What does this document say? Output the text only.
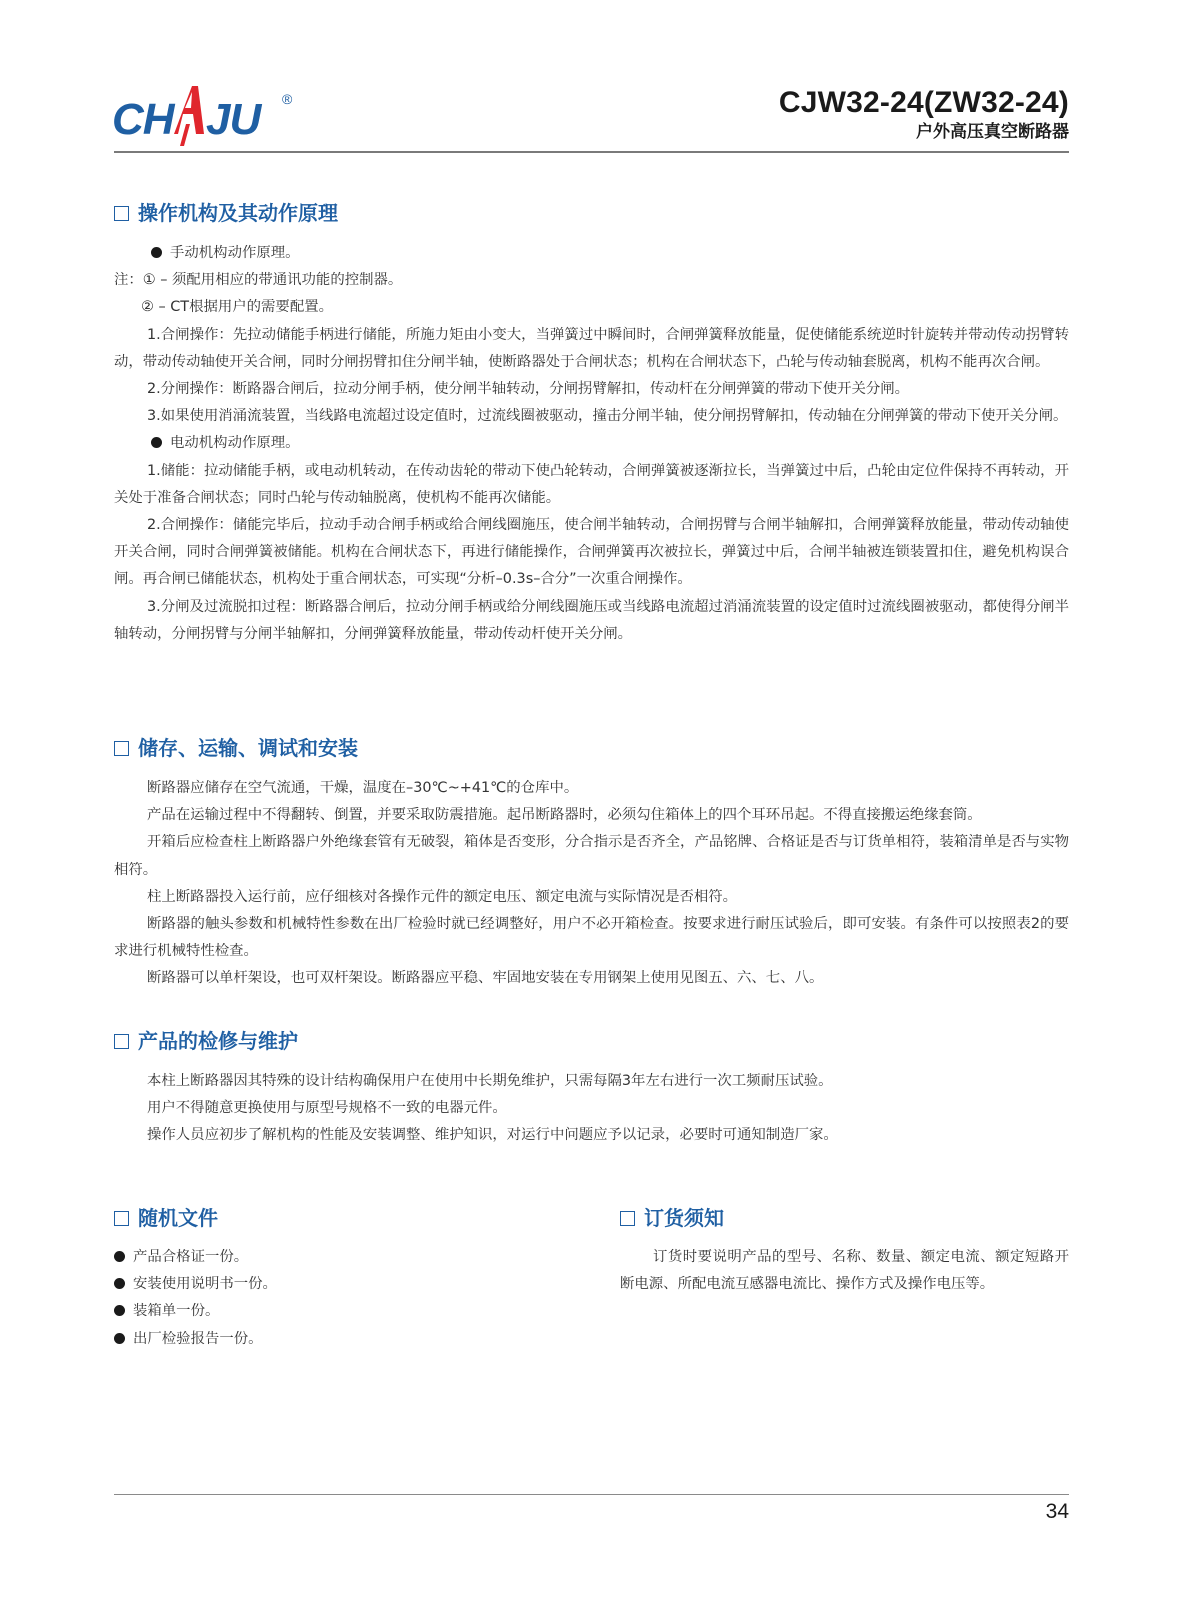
CH JU ®	CJW32-24(ZW32-24)
户外高压真空断路器
操作机构及其动作原理

手动机构动作原理。

注：① – 须配用相应的带通讯功能的控制器。

② – CT根据用户的需要配置。

1.合闸操作：先拉动储能手柄进行储能，所施力矩由小变大，当弹簧过中瞬间时，合闸弹簧释放能量，促使储能系统逆时针旋转并带动传动拐臂转动，带动传动轴使开关合闸，同时分闸拐臂扣住分闸半轴，使断路器处于合闸状态；机构在合闸状态下，凸轮与传动轴套脱离，机构不能再次合闸。

2.分闸操作：断路器合闸后，拉动分闸手柄，使分闸半轴转动，分闸拐臂解扣，传动杆在分闸弹簧的带动下使开关分闸。

3.如果使用消涌流装置，当线路电流超过设定值时，过流线圈被驱动，撞击分闸半轴，使分闸拐臂解扣，传动轴在分闸弹簧的带动下使开关分闸。

电动机构动作原理。

1.储能：拉动储能手柄，或电动机转动，在传动齿轮的带动下使凸轮转动，合闸弹簧被逐渐拉长，当弹簧过中后，凸轮由定位件保持不再转动，开关处于准备合闸状态；同时凸轮与传动轴脱离，使机构不能再次储能。

2.合闸操作：储能完毕后，拉动手动合闸手柄或给合闸线圈施压，使合闸半轴转动，合闸拐臂与合闸半轴解扣，合闸弹簧释放能量，带动传动轴使开关合闸，同时合闸弹簧被储能。机构在合闸状态下，再进行储能操作，合闸弹簧再次被拉长，弹簧过中后，合闸半轴被连锁装置扣住，避免机构误合闸。再合闸已储能状态，机构处于重合闸状态，可实现“分析–0.3s–合分”一次重合闸操作。

3.分闸及过流脱扣过程：断路器合闸后，拉动分闸手柄或给分闸线圈施压或当线路电流超过消涌流装置的设定值时过流线圈被驱动，都使得分闸半轴转动，分闸拐臂与分闸半轴解扣，分闸弹簧释放能量，带动传动杆使开关分闸。

储存、运输、调试和安装

断路器应储存在空气流通，干燥，温度在–30℃~+41℃的仓库中。

产品在运输过程中不得翻转、倒置，并要采取防震措施。起吊断路器时，必须勾住箱体上的四个耳环吊起。不得直接搬运绝缘套筒。

开箱后应检查柱上断路器户外绝缘套管有无破裂，箱体是否变形，分合指示是否齐全，产品铭牌、合格证是否与订货单相符，装箱清单是否与实物相符。

柱上断路器投入运行前，应仔细核对各操作元件的额定电压、额定电流与实际情况是否相符。

断路器的触头参数和机械特性参数在出厂检验时就已经调整好，用户不必开箱检查。按要求进行耐压试验后，即可安装。有条件可以按照表2的要求进行机械特性检查。

断路器可以单杆架设，也可双杆架设。断路器应平稳、牢固地安装在专用钢架上使用见图五、六、七、八。

产品的检修与维护

本柱上断路器因其特殊的设计结构确保用户在使用中长期免维护，只需每隔3年左右进行一次工频耐压试验。

用户不得随意更换使用与原型号规格不一致的电器元件。

操作人员应初步了解机构的性能及安装调整、维护知识，对运行中问题应予以记录，必要时可通知制造厂家。

随机文件

产品合格证一份。

安装使用说明书一份。

装箱单一份。

出厂检验报告一份。

订货须知

订货时要说明产品的型号、名称、数量、额定电流、额定短路开断电源、所配电流互感器电流比、操作方式及操作电压等。

34
